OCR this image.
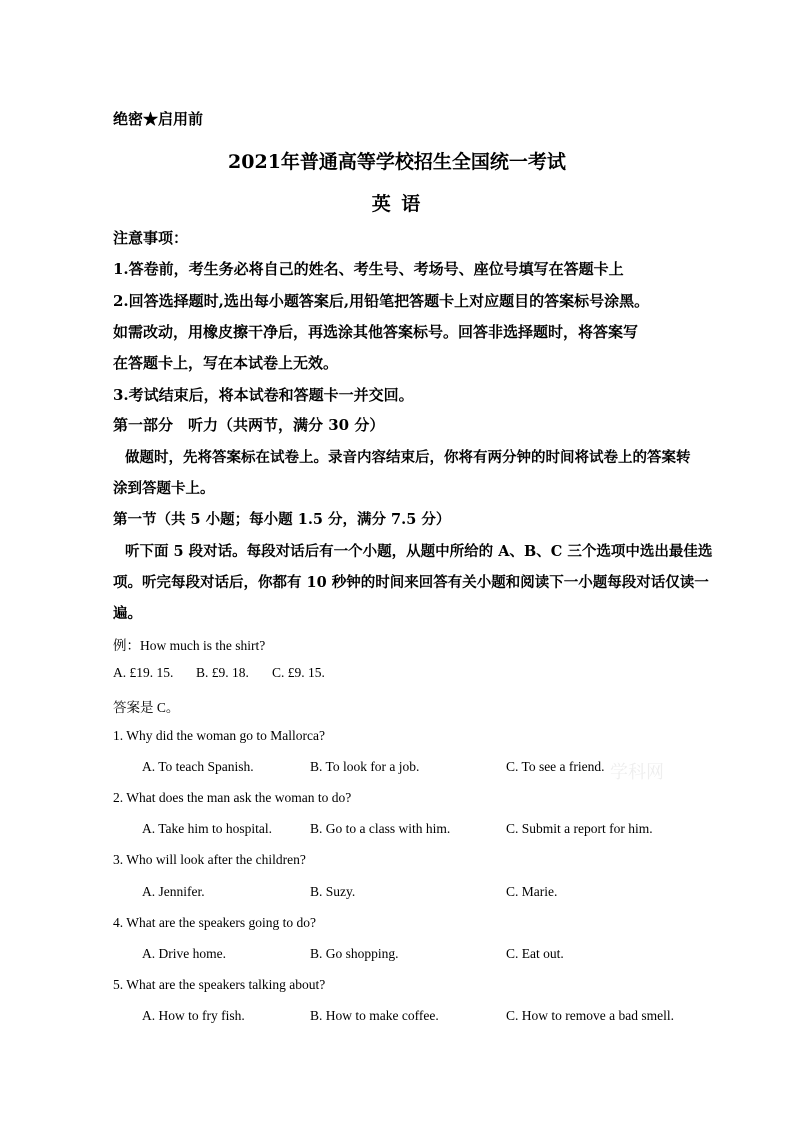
绝密★启用前
2021年普通高等学校招生全国统一考试
英 语
注意事项：
1.答卷前，考生务必将自己的姓名、考生号、考场号、座位号填写在答题卡上
2.回答选择题时,选出每小题答案后,用铅笔把答题卡上对应题目的答案标号涂黑。
如需改动，用橡皮擦干净后，再选涂其他答案标号。回答非选择题时，将答案写
在答题卡上，写在本试卷上无效。
3.考试结束后，将本试卷和答题卡一并交回。
第一部分　听力（共两节，满分 30 分）
做题时，先将答案标在试卷上。录音内容结束后，你将有两分钟的时间将试卷上的答案转
涂到答题卡上。
第一节（共 5 小题；每小题 1.5 分，满分 7.5 分）
听下面 5 段对话。每段对话后有一个小题，从题中所给的 A、B、C 三个选项中选出最佳选
项。听完每段对话后，你都有 10 秒钟的时间来回答有关小题和阅读下一小题每段对话仅读一
遍。
例：How much is the shirt?
A. £19. 15. B. £9. 18. C. £9. 15.
答案是 C。
1. Why did the woman go to Mallorca?
A. To teach Spanish.	B. To look for a job.	C. To see a friend. 学科网
2. What does the man ask the woman to do?
A. Take him to hospital.	B. Go to a class with him.	C. Submit a report for him.
3. Who will look after the children?
A. Jennifer.	B. Suzy.	C. Marie.
4. What are the speakers going to do?
A. Drive home.	B. Go shopping.	C. Eat out.
5. What are the speakers talking about?
A. How to fry fish.	B. How to make coffee.	C. How to remove a bad smell.
